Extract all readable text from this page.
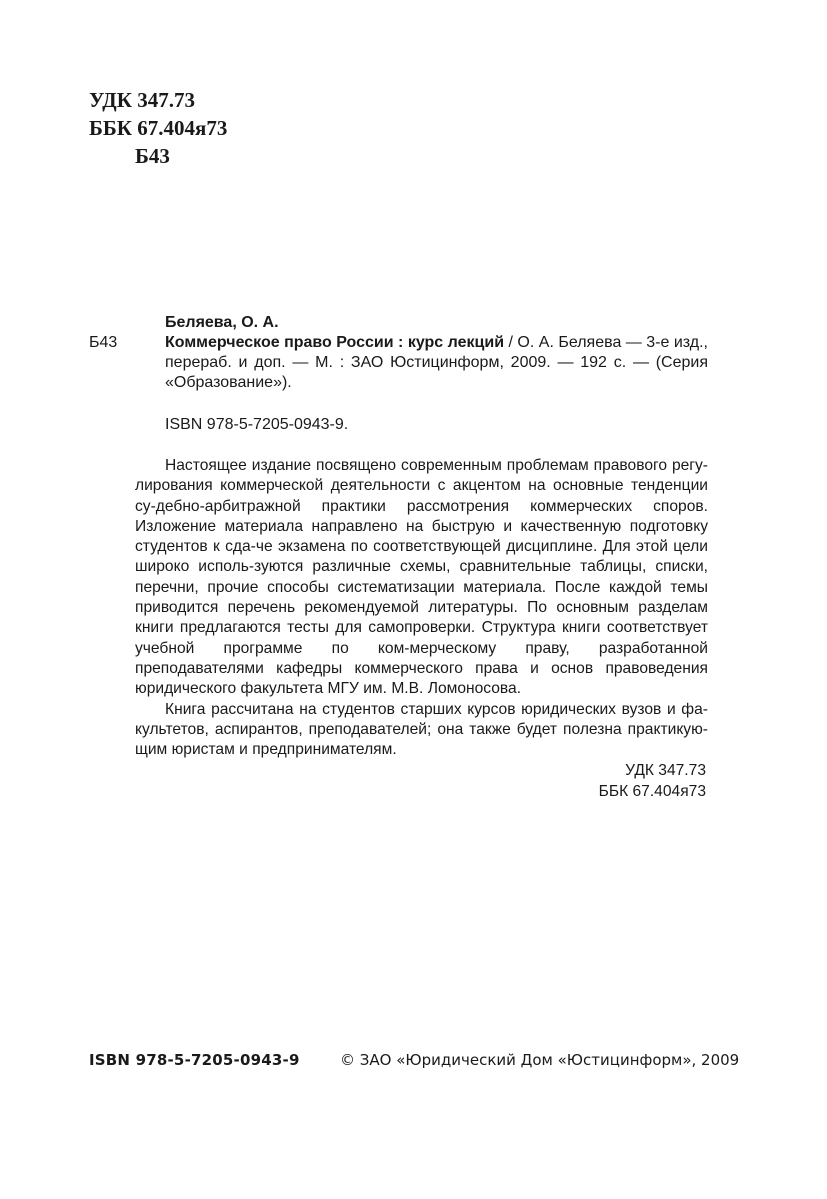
УДК 347.73
ББК 67.404я73
Б43
Б43

Беляева, О. А.

Коммерческое право России : курс лекций / О. А. Беляева — 3-е изд., перераб. и доп. — М. : ЗАО Юстицинформ, 2009. — 192 с. — (Серия «Образование»).

ISBN 978-5-7205-0943-9.

Настоящее издание посвящено современным проблемам правового регу-лирования коммерческой деятельности с акцентом на основные тенденции су-дебно-арбитражной практики рассмотрения коммерческих споров. Изложение материала направлено на быструю и качественную подготовку студентов к сда-че экзамена по соответствующей дисциплине. Для этой цели широко исполь-зуются различные схемы, сравнительные таблицы, списки, перечни, прочие способы систематизации материала. После каждой темы приводится перечень рекомендуемой литературы. По основным разделам книги предлагаются тесты для самопроверки. Структура книги соответствует учебной программе по ком-мерческому праву, разработанной преподавателями кафедры коммерческого права и основ правоведения юридического факультета МГУ им. М.В. Ломоносова.

Книга рассчитана на студентов старших курсов юридических вузов и фа-культетов, аспирантов, преподавателей; она также будет полезна практикую-щим юристам и предпринимателям.

УДК 347.73
ББК 67.404я73
ISBN 978-5-7205-0943-9	© ЗАО «Юридический Дом «Юстицинформ», 2009
